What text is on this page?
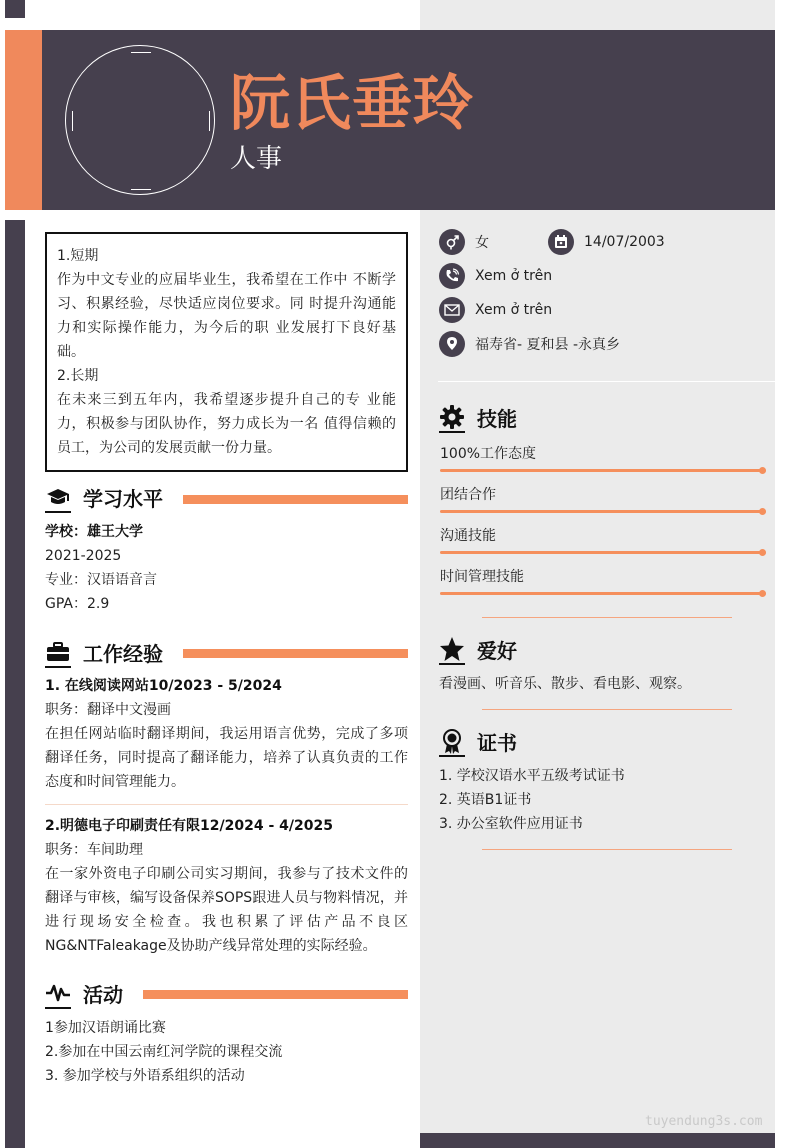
阮氏垂玲
人事

1.短期

作为中文专业的应届毕业生，我希望在工作中 不断学习、积累经验，尽快适应岗位要求。同 时提升沟通能力和实际操作能力，为今后的职 业发展打下良好基础。

2.长期

在未来三到五年内，我希望逐步提升自己的专 业能力，积极参与团队协作，努力成长为一名 值得信赖的员工，为公司的发展贡献一份力量。

学习水平
学校：雄王大学
2021-2025
专业：汉语语音言
GPA：2.9
工作经验
1. 在线阅读网站10/2023 - 5/2024
职务：翻译中文漫画
在担任网站临时翻译期间，我运用语言优势，完成了多项翻译任务，同时提高了翻译能力，培养了认真负责的工作态度和时间管理能力。
2.明德电子印刷责任有限12/2024 - 4/2025
职务：车间助理
在一家外资电子印刷公司实习期间，我参与了技术文件的翻译与审核，编写设备保养SOPS跟进人员与物料情况，并进行现场安全检查。我也积累了评估产品不良区NG&NTFaleakage及协助产线异常处理的实际经验。
活动
1参加汉语朗诵比赛
2.参加在中国云南红河学院的课程交流
3. 参加学校与外语系组织的活动
女	14/07/2003
Xem ở trên
Xem ở trên
福寿省- 夏和县 -永真乡
技能
100%工作态度
团结合作
沟通技能
时间管理技能
爱好
看漫画、听音乐、散步、看电影、观察。
证书
1. 学校汉语水平五级考试证书
2. 英语B1证书
3. 办公室软件应用证书
tuyendung3s.com
